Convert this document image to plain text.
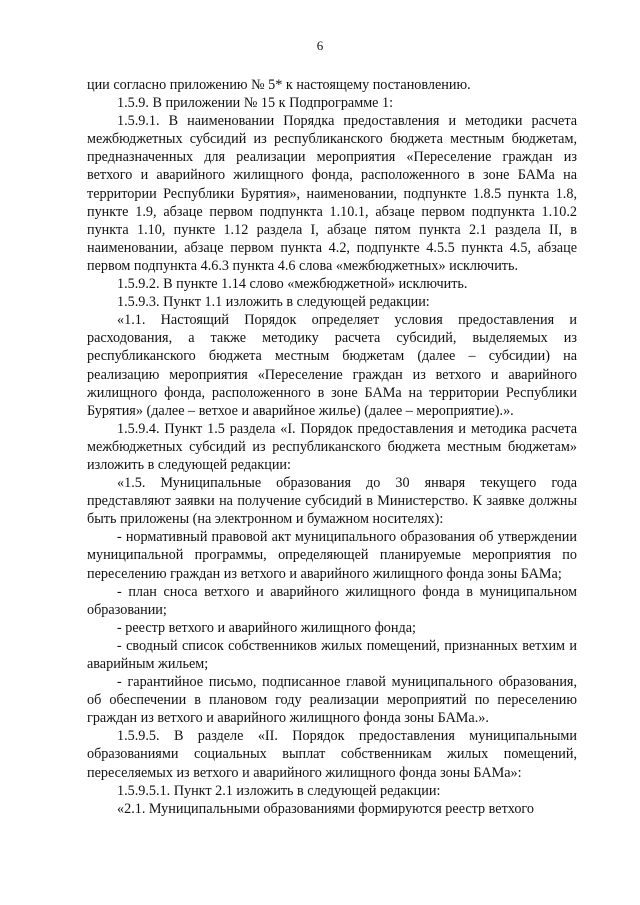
6

ции согласно приложению № 5* к настоящему постановлению.

1.5.9. В приложении № 15 к Подпрограмме 1:

1.5.9.1. В наименовании Порядка предоставления и методики расчета межбюджетных субсидий из республиканского бюджета местным бюджетам, предназначенных для реализации мероприятия «Переселение граждан из ветхого и аварийного жилищного фонда, расположенного в зоне БАМа на территории Республики Бурятия», наименовании, подпункте 1.8.5 пункта 1.8, пункте 1.9, абзаце первом подпункта 1.10.1, абзаце первом подпункта 1.10.2 пункта 1.10, пункте 1.12 раздела I, абзаце пятом пункта 2.1 раздела II, в наименовании, абзаце первом пункта 4.2, подпункте 4.5.5 пункта 4.5, абзаце первом подпункта 4.6.3 пункта 4.6 слова «межбюджетных» исключить.

1.5.9.2. В пункте 1.14 слово «межбюджетной» исключить.

1.5.9.3. Пункт 1.1 изложить в следующей редакции:

«1.1. Настоящий Порядок определяет условия предоставления и расходования, а также методику расчета субсидий, выделяемых из республиканского бюджета местным бюджетам (далее – субсидии) на реализацию мероприятия «Переселение граждан из ветхого и аварийного жилищного фонда, расположенного в зоне БАМа на территории Республики Бурятия» (далее – ветхое и аварийное жилье) (далее – мероприятие).».

1.5.9.4. Пункт 1.5 раздела «I. Порядок предоставления и методика расчета межбюджетных субсидий из республиканского бюджета местным бюджетам» изложить в следующей редакции:

«1.5. Муниципальные образования до 30 января текущего года представляют заявки на получение субсидий в Министерство. К заявке должны быть приложены (на электронном и бумажном носителях):

- нормативный правовой акт муниципального образования об утверждении муниципальной программы, определяющей планируемые мероприятия по переселению граждан из ветхого и аварийного жилищного фонда зоны БАМа;

- план сноса ветхого и аварийного жилищного фонда в муниципальном образовании;

- реестр ветхого и аварийного жилищного фонда;

- сводный список собственников жилых помещений, признанных ветхим и аварийным жильем;

- гарантийное письмо, подписанное главой муниципального образования, об обеспечении в плановом году реализации мероприятий по переселению граждан из ветхого и аварийного жилищного фонда зоны БАМа.».

1.5.9.5. В разделе «II. Порядок предоставления муниципальными образованиями социальных выплат собственникам жилых помещений, переселяемых из ветхого и аварийного жилищного фонда зоны БАМа»:

1.5.9.5.1. Пункт 2.1 изложить в следующей редакции:

«2.1. Муниципальными образованиями формируются реестр ветхого
